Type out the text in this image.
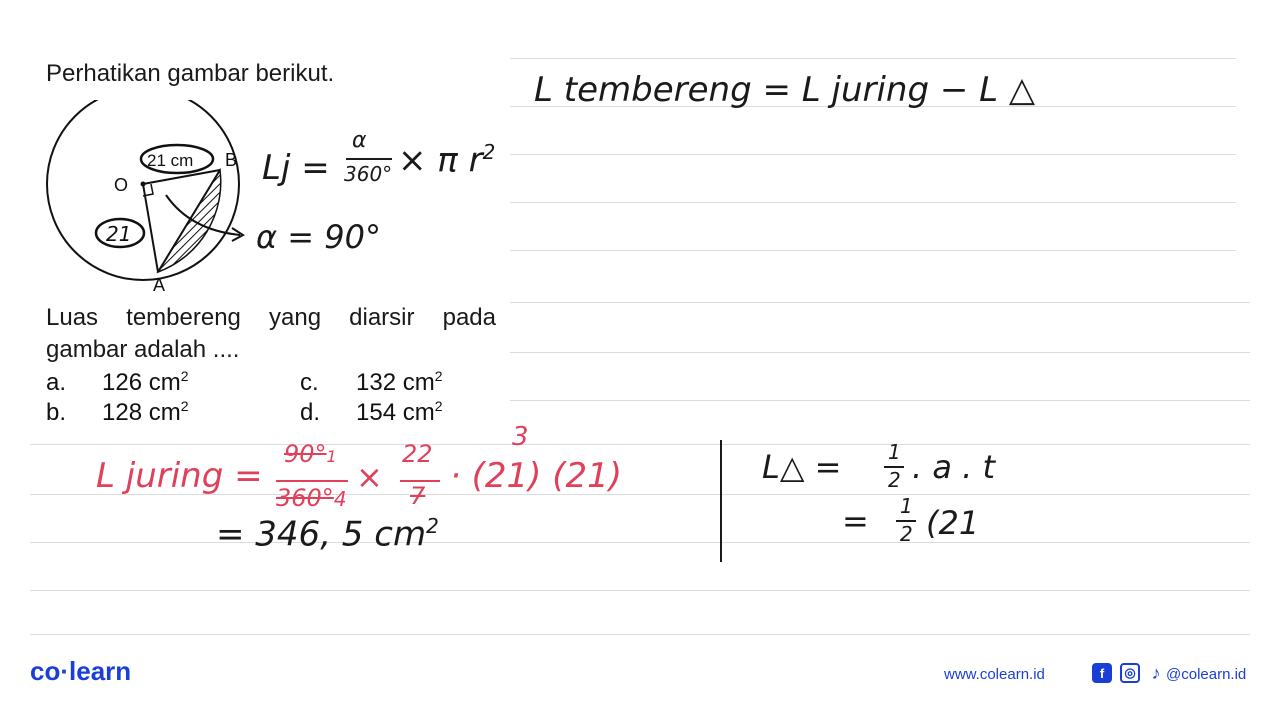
Perhatikan gambar berikut.
O
B
A
21 cm
21
Luas tembereng yang diarsir pada gambar adalah ....
a. 126 $cm^2$
b. 128 $cm^2$
c. 132 $cm^2$
d. 154 $cm^2$
L tembereng = L juring − L △
Lj =
α
360° × π $r^2$
α = 90°
L juring =
90°1
360°4
×
22
7 · (21) (21)
3
= 346, 5 $cm^2$
L△ = 1
2 . a . t
= 1
2 (21
co·learn	www.colearn.id	f	◎ ♪ @colearn.id
